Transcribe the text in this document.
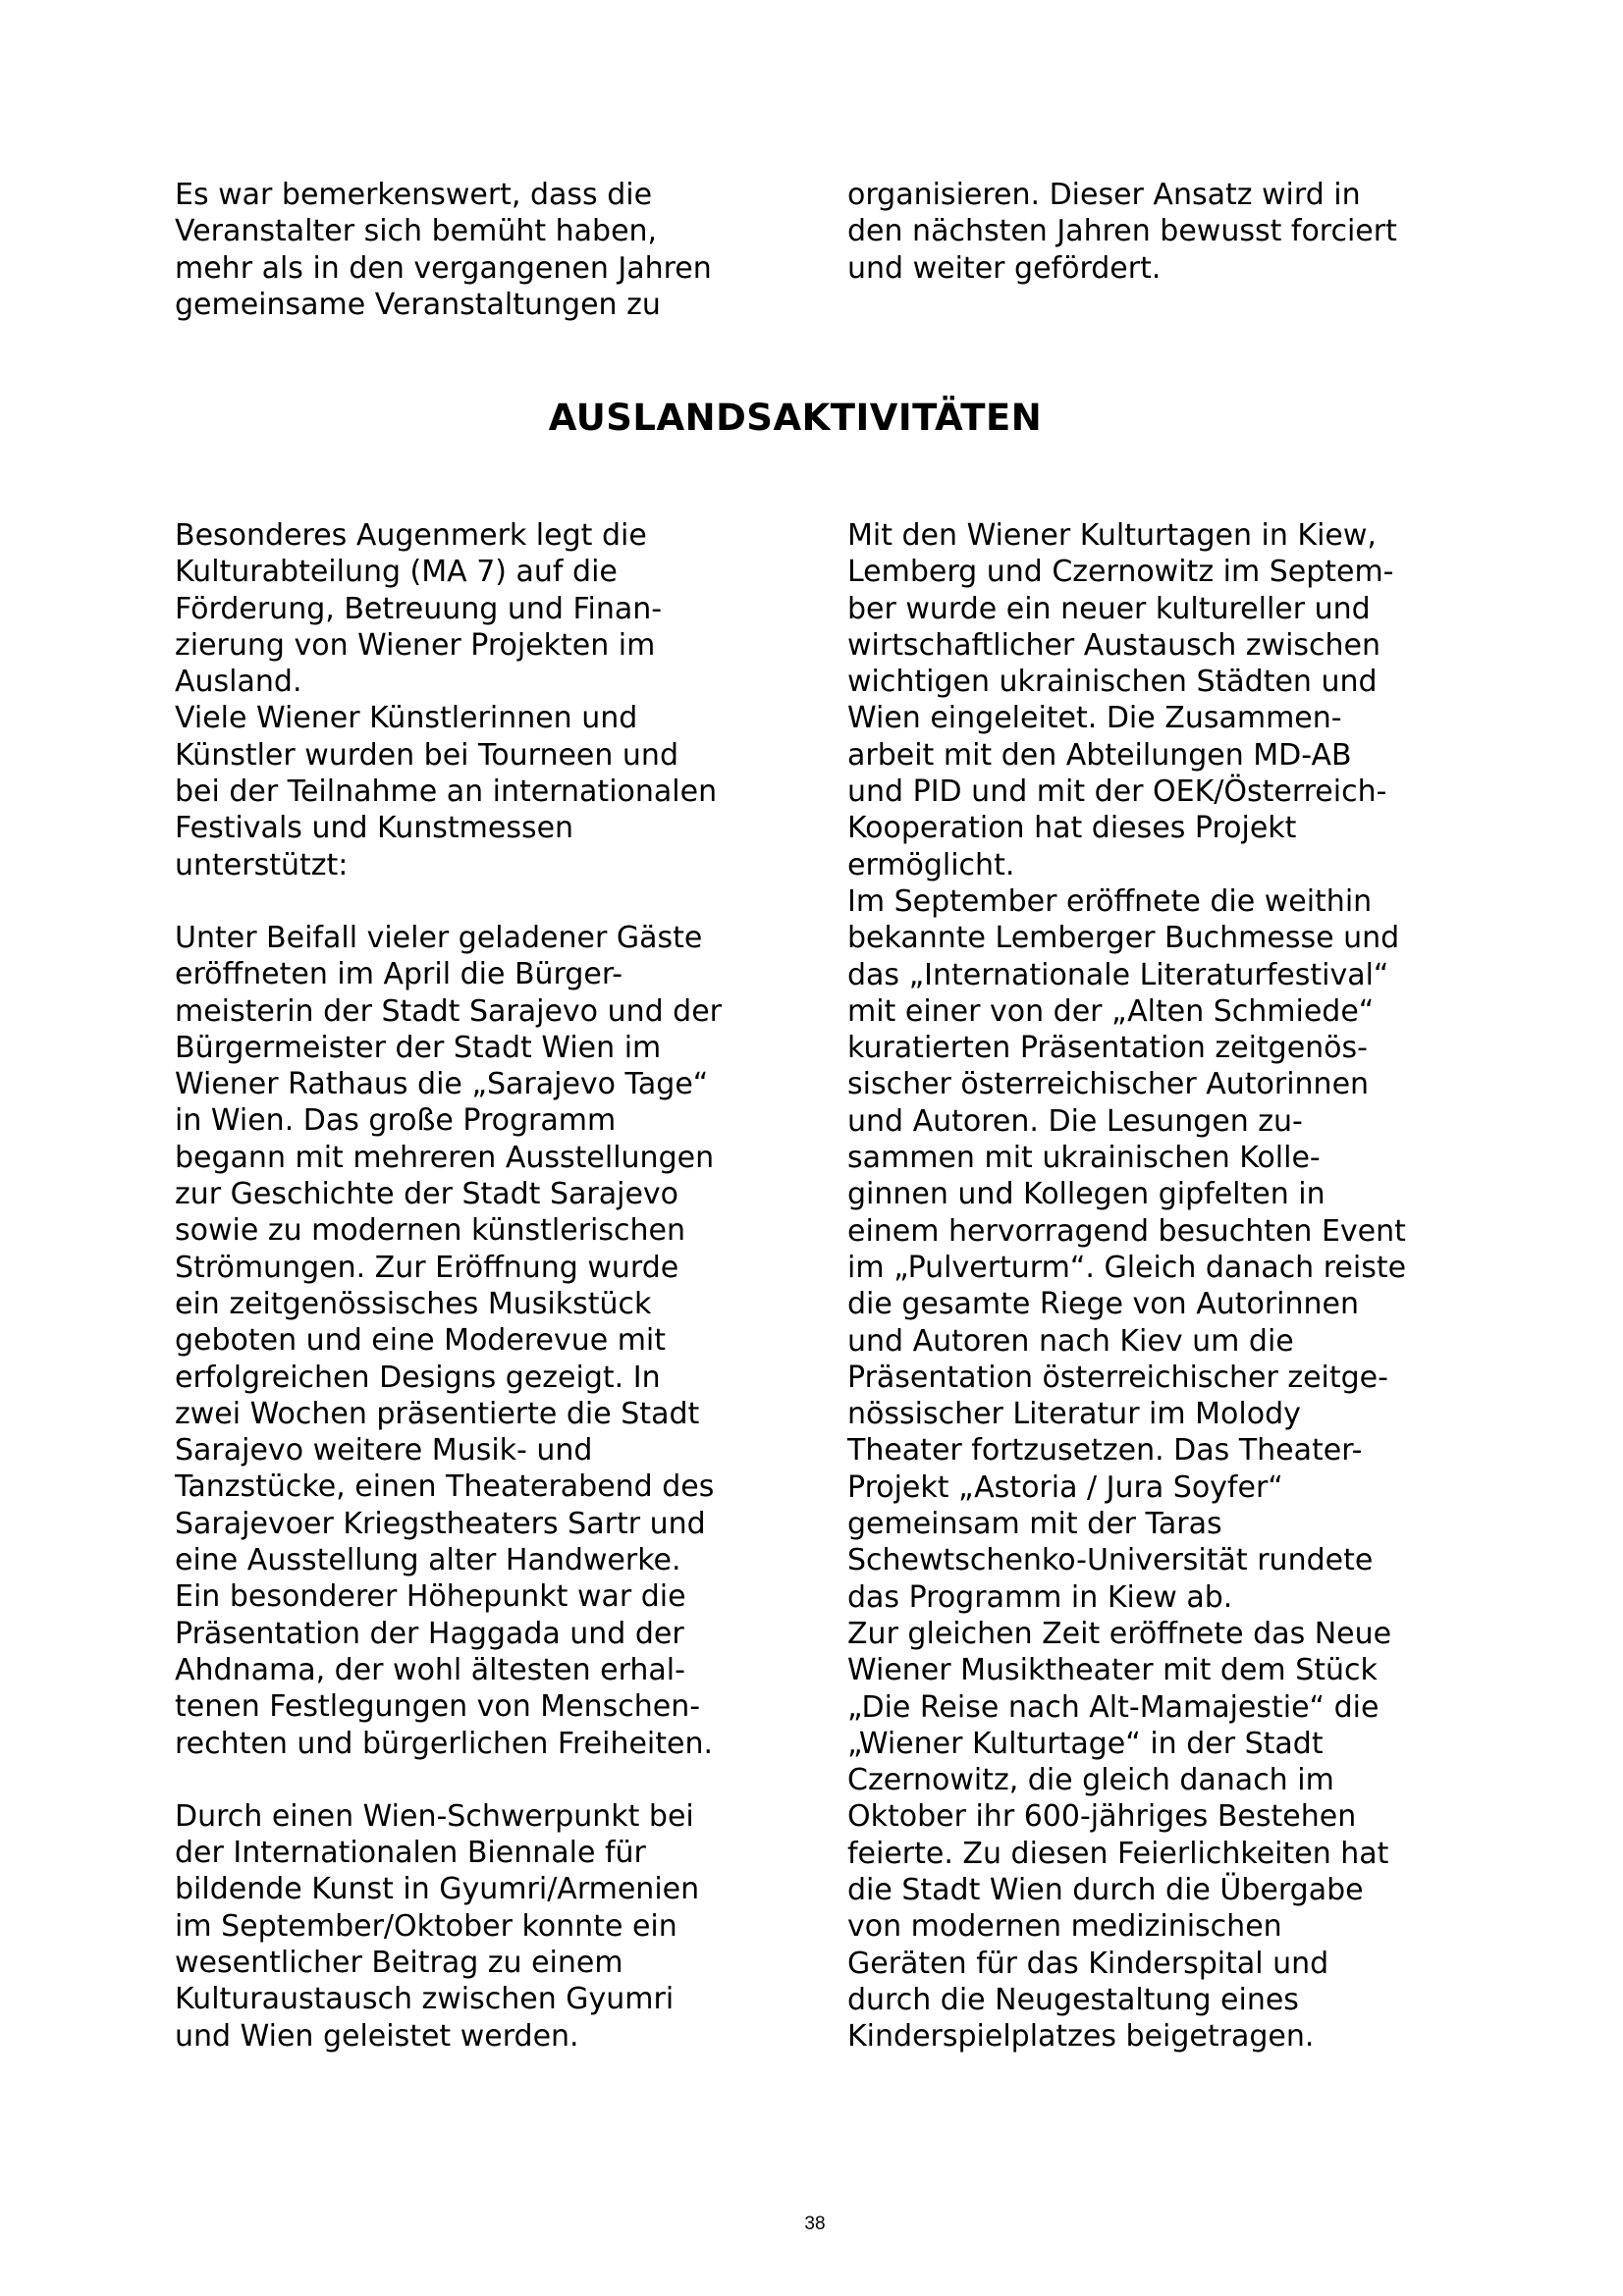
Es war bemerkenswert, dass die
Veranstalter sich bemüht haben,
mehr als in den vergangenen Jahren
gemeinsame Veranstaltungen zu

organisieren. Dieser Ansatz wird in
den nächsten Jahren bewusst forciert
und weiter gefördert.

AUSLANDSAKTIVITÄTEN

Besonderes Augenmerk legt die
Kulturabteilung (MA 7) auf die
Förderung, Betreuung und Finan-
zierung von Wiener Projekten im
Ausland.

Viele Wiener Künstlerinnen und
Künstler wurden bei Tourneen und
bei der Teilnahme an internationalen
Festivals und Kunstmessen
unterstützt:

Unter Beifall vieler geladener Gäste
eröffneten im April die Bürger-
meisterin der Stadt Sarajevo und der
Bürgermeister der Stadt Wien im
Wiener Rathaus die „Sarajevo Tage“
in Wien. Das große Programm
begann mit mehreren Ausstellungen
zur Geschichte der Stadt Sarajevo
sowie zu modernen künstlerischen
Strömungen. Zur Eröffnung wurde
ein zeitgenössisches Musikstück
geboten und eine Moderevue mit
erfolgreichen Designs gezeigt. In
zwei Wochen präsentierte die Stadt
Sarajevo weitere Musik- und
Tanzstücke, einen Theaterabend des
Sarajevoer Kriegstheaters Sartr und
eine Ausstellung alter Handwerke.
Ein besonderer Höhepunkt war die
Präsentation der Haggada und der
Ahdnama, der wohl ältesten erhal-
tenen Festlegungen von Menschen-
rechten und bürgerlichen Freiheiten.

Durch einen Wien-Schwerpunkt bei
der Internationalen Biennale für
bildende Kunst in Gyumri/Armenien
im September/Oktober konnte ein
wesentlicher Beitrag zu einem
Kulturaustausch zwischen Gyumri
und Wien geleistet werden.

Mit den Wiener Kulturtagen in Kiew,
Lemberg und Czernowitz im Septem-
ber wurde ein neuer kultureller und
wirtschaftlicher Austausch zwischen
wichtigen ukrainischen Städten und
Wien eingeleitet. Die Zusammen-
arbeit mit den Abteilungen MD-AB
und PID und mit der OEK/Österreich-
Kooperation hat dieses Projekt
ermöglicht.

Im September eröffnete die weithin
bekannte Lemberger Buchmesse und
das „Internationale Literaturfestival“
mit einer von der „Alten Schmiede“
kuratierten Präsentation zeitgenös-
sischer österreichischer Autorinnen
und Autoren. Die Lesungen zu-
sammen mit ukrainischen Kolle-
ginnen und Kollegen gipfelten in
einem hervorragend besuchten Event
im „Pulverturm“. Gleich danach reiste
die gesamte Riege von Autorinnen
und Autoren nach Kiev um die
Präsentation österreichischer zeitge-
nössischer Literatur im Molody
Theater fortzusetzen. Das Theater-
Projekt „Astoria / Jura Soyfer“
gemeinsam mit der Taras
Schewtschenko-Universität rundete
das Programm in Kiew ab.

Zur gleichen Zeit eröffnete das Neue
Wiener Musiktheater mit dem Stück
„Die Reise nach Alt-Mamajestie“ die
„Wiener Kulturtage“ in der Stadt
Czernowitz, die gleich danach im
Oktober ihr 600-jähriges Bestehen
feierte. Zu diesen Feierlichkeiten hat
die Stadt Wien durch die Übergabe
von modernen medizinischen
Geräten für das Kinderspital und
durch die Neugestaltung eines
Kinderspielplatzes beigetragen.

38
